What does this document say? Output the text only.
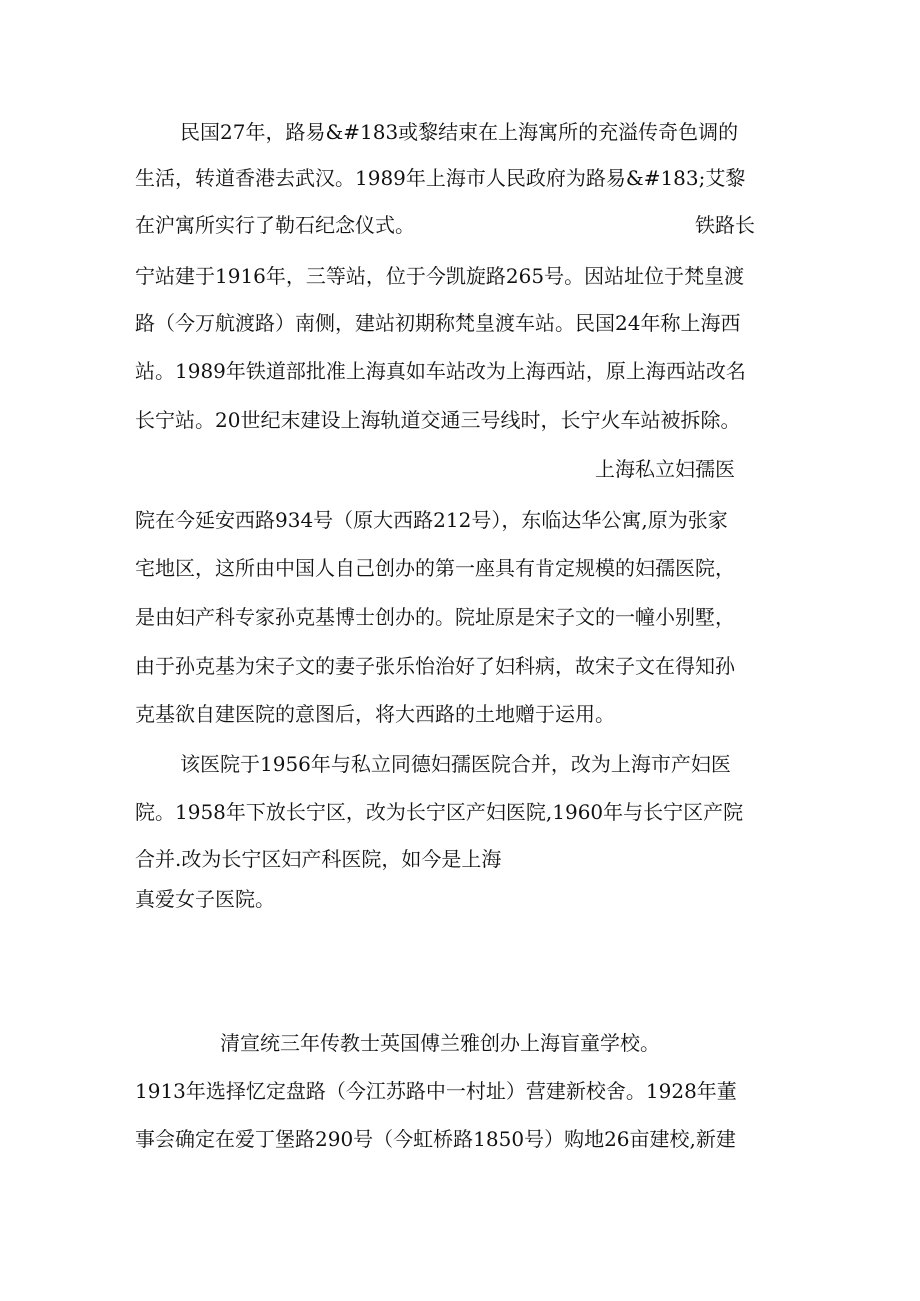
民国27年，路易&#183或黎结束在上海寓所的充溢传奇色调的

生活，转道香港去武汉。1989年上海市人民政府为路易&#183;艾黎

在沪寓所实行了勒石纪念仪式。	铁路长

宁站建于1916年，三等站，位于今凯旋路265号。因站址位于梵皇渡

路（今万航渡路）南侧，建站初期称梵皇渡车站。民国24年称上海西

站。1989年铁道部批准上海真如车站改为上海西站，原上海西站改名

长宁站。20世纪末建设上海轨道交通三号线时，长宁火车站被拆除。

上海私立妇孺医

院在今延安西路934号（原大西路212号），东临达华公寓,原为张家

宅地区，这所由中国人自己创办的第一座具有肯定规模的妇孺医院，

是由妇产科专家孙克基博士创办的。院址原是宋子文的一幢小别墅，

由于孙克基为宋子文的妻子张乐怡治好了妇科病，故宋子文在得知孙

克基欲自建医院的意图后，将大西路的土地赠于运用。

该医院于1956年与私立同德妇孺医院合并，改为上海市产妇医

院。1958年下放长宁区，改为长宁区产妇医院,1960年与长宁区产院

合并.改为长宁区妇产科医院，如今是上海

真爱女子医院。

清宣统三年传教士英国傅兰雅创办上海盲童学校。

1913年选择忆定盘路（今江苏路中一村址）营建新校舍。1928年董

事会确定在爱丁堡路290号（今虹桥路1850号）购地26亩建校,新建
